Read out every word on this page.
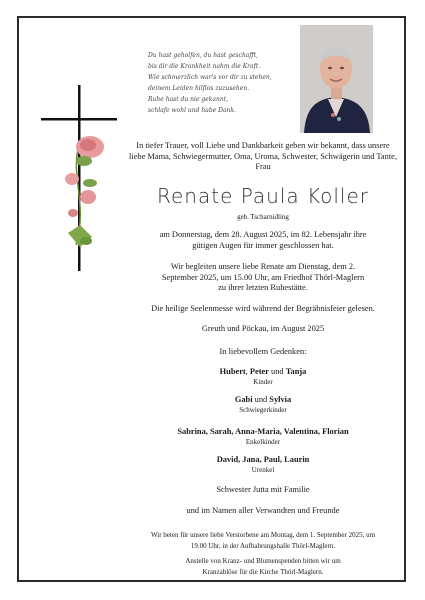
Du hast geholfen, du hast geschafft,
bis dir die Krankheit nahm die Kraft.
Wie schmerzlich war's vor dir zu stehen,
deinem Leiden hilflos zuzusehen.
Ruhe hast du nie gekannt,
schlafe wohl und habe Dank.
In tiefer Trauer, voll Liebe und Dankbarkeit geben wir bekannt, dass unsere liebe Mama, Schwiegermutter, Oma, Uroma, Schwester, Schwägerin und Tante, Frau
Renate Paula Koller
geb. Tscharnidling
am Donnerstag, dem 28. August 2025, im 82. Lebensjahr ihre gütigen Augen für immer geschlossen hat.
Wir begleiten unsere liebe Renate am Dienstag, dem 2. September 2025, um 15.00 Uhr, am Friedhof Thörl-Maglern zu ihrer letzten Ruhestätte.
Die heilige Seelenmesse wird während der Begräbnisfeier gelesen.
Greuth und Pöckau, im August 2025
In liebevollem Gedenken:
Hubert, Peter und Tanja
Kinder
Gabi und Sylvia
Schwiegerkinder
Sabrina, Sarah, Anna-Maria, Valentina, Florian
Enkelkinder
David, Jana, Paul, Laurin
Urenkel
Schwester Jutta mit Familie
und im Namen aller Verwandten und Freunde
Wir beten für unsere liebe Verstorbene am Montag, dem 1. September 2025, um 19.00 Uhr, in der Aufbahrungshalle Thörl-Maglern.
Anstelle von Kranz- und Blumenspenden bitten wir um Kranzablöse für die Kirche Thörl-Maglern.
